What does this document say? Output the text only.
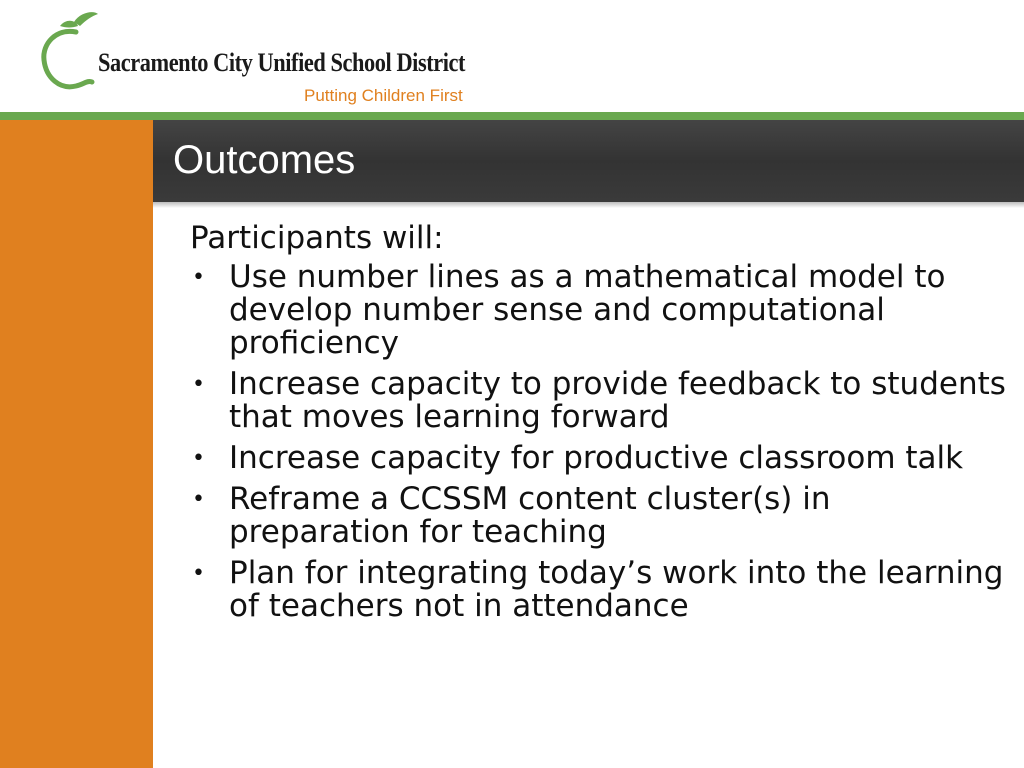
Sacramento City Unified School District
Putting Children First
Outcomes

Participants will:

• Use number lines as a mathematical model to develop number sense and computational proficiency
• Increase capacity to provide feedback to students that moves learning forward
• Increase capacity for productive classroom talk
• Reframe a CCSSM content cluster(s) in preparation for teaching
• Plan for integrating today’s work into the learning of teachers not in attendance
